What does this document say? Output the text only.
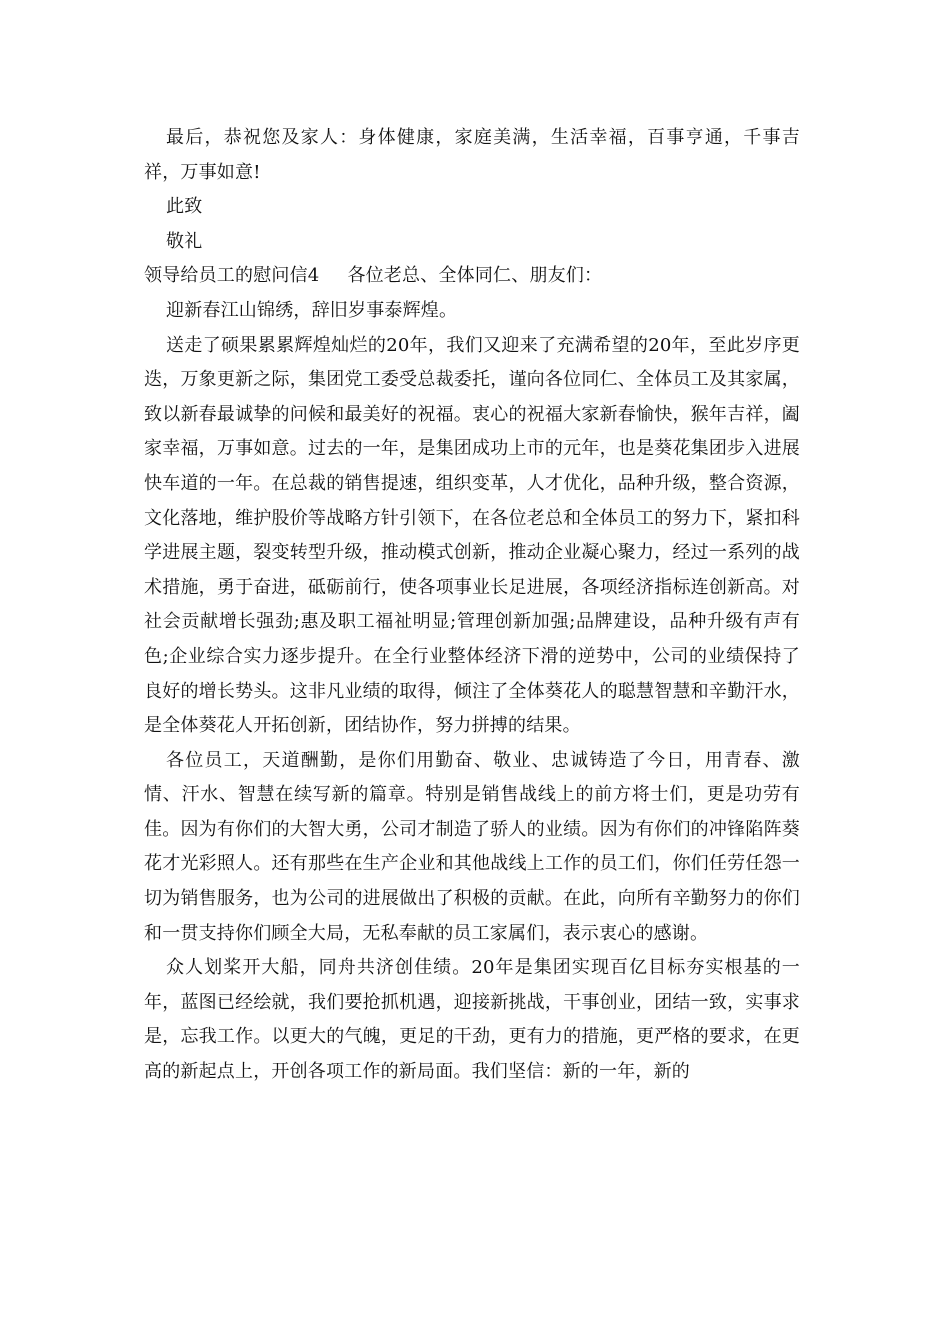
最后，恭祝您及家人：身体健康，家庭美满，生活幸福，百事亨通，千事吉祥，万事如意!

此致

敬礼

领导给员工的慰问信4 各位老总、全体同仁、朋友们：

迎新春江山锦绣，辞旧岁事泰辉煌。

送走了硕果累累辉煌灿烂的20年，我们又迎来了充满希望的20年，至此岁序更迭，万象更新之际，集团党工委受总裁委托，谨向各位同仁、全体员工及其家属，致以新春最诚挚的问候和最美好的祝福。衷心的祝福大家新春愉快，猴年吉祥，阖家幸福，万事如意。过去的一年，是集团成功上市的元年，也是葵花集团步入进展快车道的一年。在总裁的销售提速，组织变革，人才优化，品种升级，整合资源，文化落地，维护股价等战略方针引领下，在各位老总和全体员工的努力下，紧扣科学进展主题，裂变转型升级，推动模式创新，推动企业凝心聚力，经过一系列的战术措施，勇于奋进，砥砺前行，使各项事业长足进展，各项经济指标连创新高。对社会贡献增长强劲;惠及职工福祉明显;管理创新加强;品牌建设，品种升级有声有色;企业综合实力逐步提升。在全行业整体经济下滑的逆势中，公司的业绩保持了良好的增长势头。这非凡业绩的取得，倾注了全体葵花人的聪慧智慧和辛勤汗水，是全体葵花人开拓创新，团结协作，努力拼搏的结果。

各位员工，天道酬勤，是你们用勤奋、敬业、忠诚铸造了今日，用青春、激情、汗水、智慧在续写新的篇章。特别是销售战线上的前方将士们，更是功劳有佳。因为有你们的大智大勇，公司才制造了骄人的业绩。因为有你们的冲锋陷阵葵花才光彩照人。还有那些在生产企业和其他战线上工作的员工们，你们任劳任怨一切为销售服务，也为公司的进展做出了积极的贡献。在此，向所有辛勤努力的你们和一贯支持你们顾全大局，无私奉献的员工家属们，表示衷心的感谢。

众人划桨开大船，同舟共济创佳绩。20年是集团实现百亿目标夯实根基的一年，蓝图已经绘就，我们要抢抓机遇，迎接新挑战，干事创业，团结一致，实事求是，忘我工作。以更大的气魄，更足的干劲，更有力的措施，更严格的要求，在更高的新起点上，开创各项工作的新局面。我们坚信：新的一年，新的
